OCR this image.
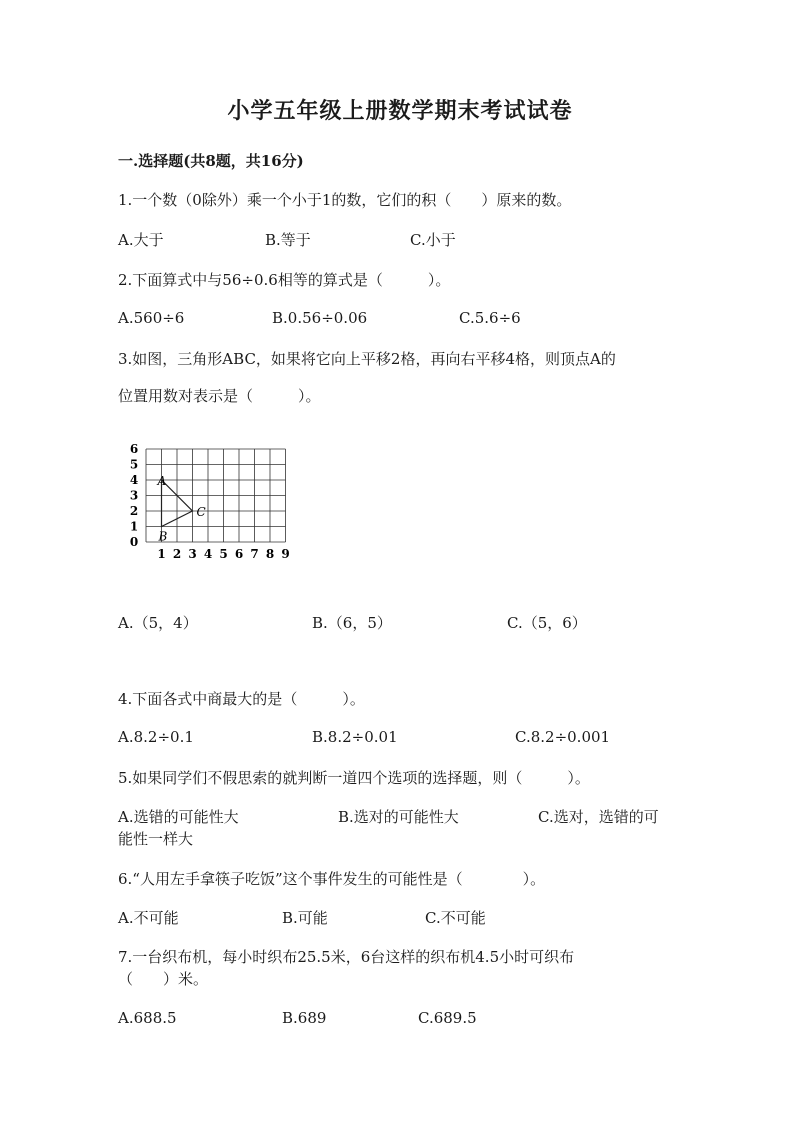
小学五年级上册数学期末考试试卷
一.选择题(共8题，共16分)
1.一个数（0除外）乘一个小于1的数，它们的积（　　）原来的数。
A.大于	B.等于	C.小于
2.下面算式中与56÷0.6相等的算式是（　　　）。
A.560÷6	B.0.56÷0.06	C.5.6÷6
3.如图，三角形ABC，如果将它向上平移2格，再向右平移4格，则顶点A的
位置用数对表示是（　　　）。
6
5
4
3
2
1
0
1 2 3 4 5 6 7 8 9
A
B
C
A.（5，4）	B.（6，5）	C.（5，6）
4.下面各式中商最大的是（　　　）。
A.8.2÷0.1	B.8.2÷0.01	C.8.2÷0.001
5.如果同学们不假思索的就判断一道四个选项的选择题，则（　　　）。
A.选错的可能性大	B.选对的可能性大	C.选对，选错的可
能性一样大
6.“人用左手拿筷子吃饭”这个事件发生的可能性是（　　　　）。
A.不可能	B.可能	C.不可能
7.一台织布机，每小时织布25.5米，6台这样的织布机4.5小时可织布
（　　）米。
A.688.5	B.689	C.689.5
